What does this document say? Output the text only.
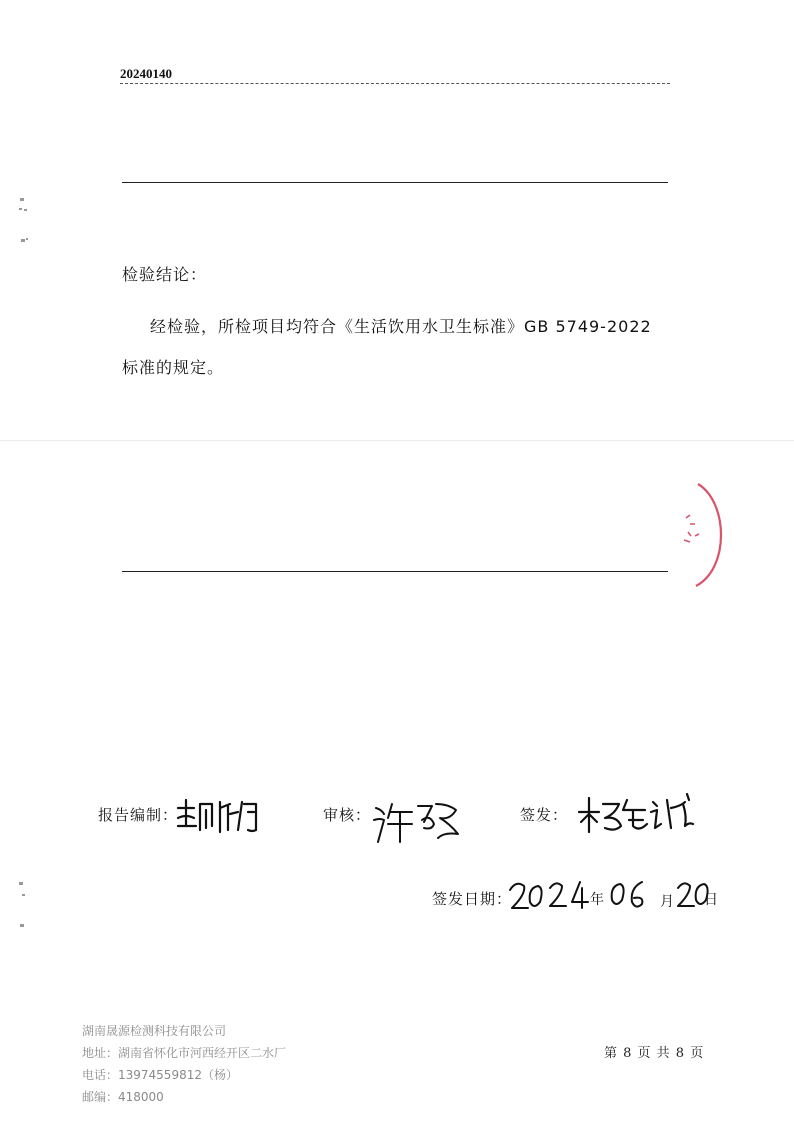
20240140
检验结论：
经检验，所检项目均符合《生活饮用水卫生标准》GB 5749-2022
标准的规定。
报告编制：	审核：	签发：
签发日期：	年	月 日
湖南晟源检测科技有限公司
地址：湖南省怀化市河西经开区二水厂
电话：13974559812（杨）
邮编：418000
第 8 页 共 8 页
